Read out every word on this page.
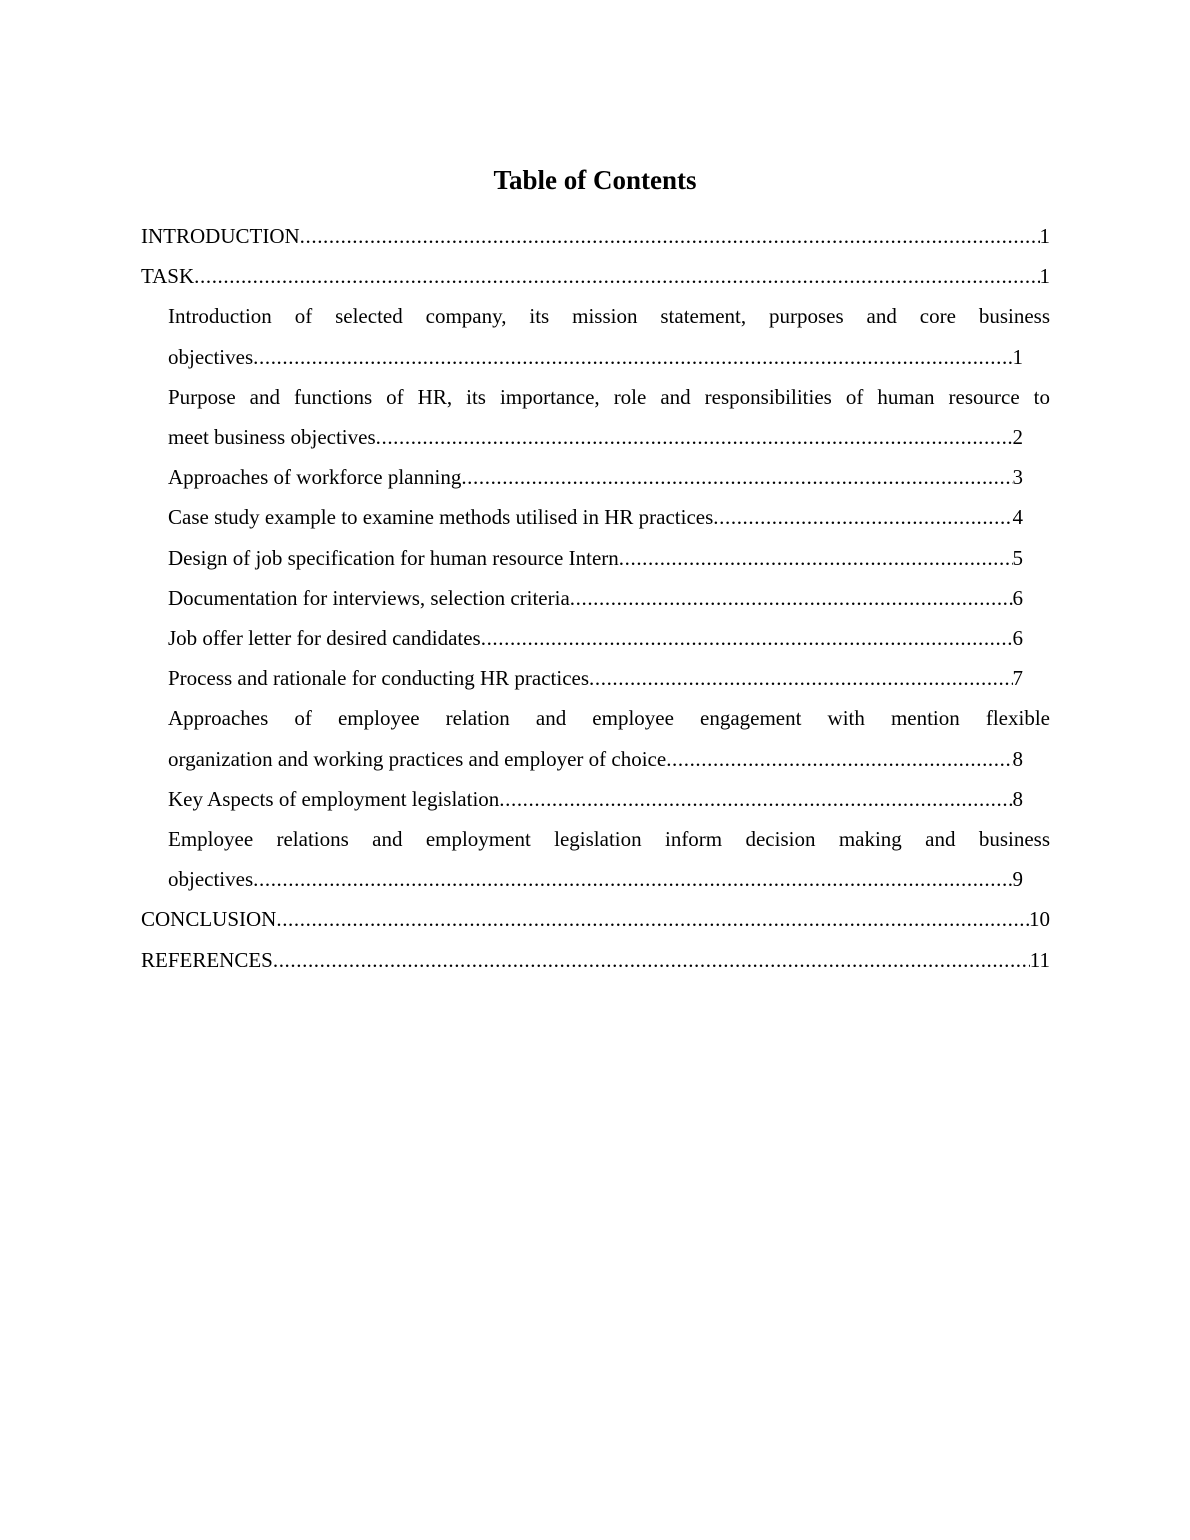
Table of Contents
INTRODUCTION .....	1
TASK .....	1
Introduction of selected company, its mission statement, purposes and core business
objectives .....	1
Purpose and functions of HR, its importance, role and responsibilities of human resource to
meet business objectives .....	2
Approaches of workforce planning .....	3
Case study example to examine methods utilised in HR practices .....	4
Design of job specification for human resource Intern .....	5
Documentation for interviews, selection criteria .....	6
Job offer letter for desired candidates .....	6
Process and rationale for conducting HR practices .....	7
Approaches of employee relation and employee engagement with mention flexible
organization and working practices and employer of choice .....	8
Key Aspects of employment legislation .....	8
Employee relations and employment legislation inform decision making and business
objectives .....	9
CONCLUSION .....	10
REFERENCES .....	11
